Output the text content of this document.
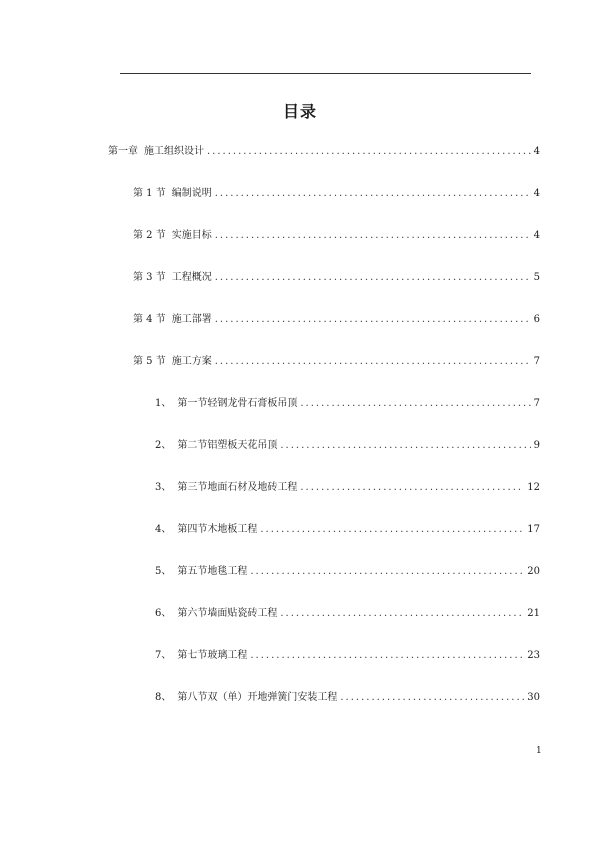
目录
第一章 施工组织设计 .....	4
第 1 节 编制说明 .....	4
第 2 节 实施目标 .....	4
第 3 节 工程概况 .....	5
第 4 节 施工部署 .....	6
第 5 节 施工方案 .....	7
1、 第一节轻钢龙骨石膏板吊顶 .....	7
2、 第二节铝塑板天花吊顶 .....	9
3、 第三节地面石材及地砖工程 .....	12
4、 第四节木地板工程 .....	17
5、 第五节地毯工程 .....	20
6、 第六节墙面贴瓷砖工程 .....	21
7、 第七节玻璃工程 .....	23
8、 第八节双（单）开地弹簧门安装工程 .....	30
1
